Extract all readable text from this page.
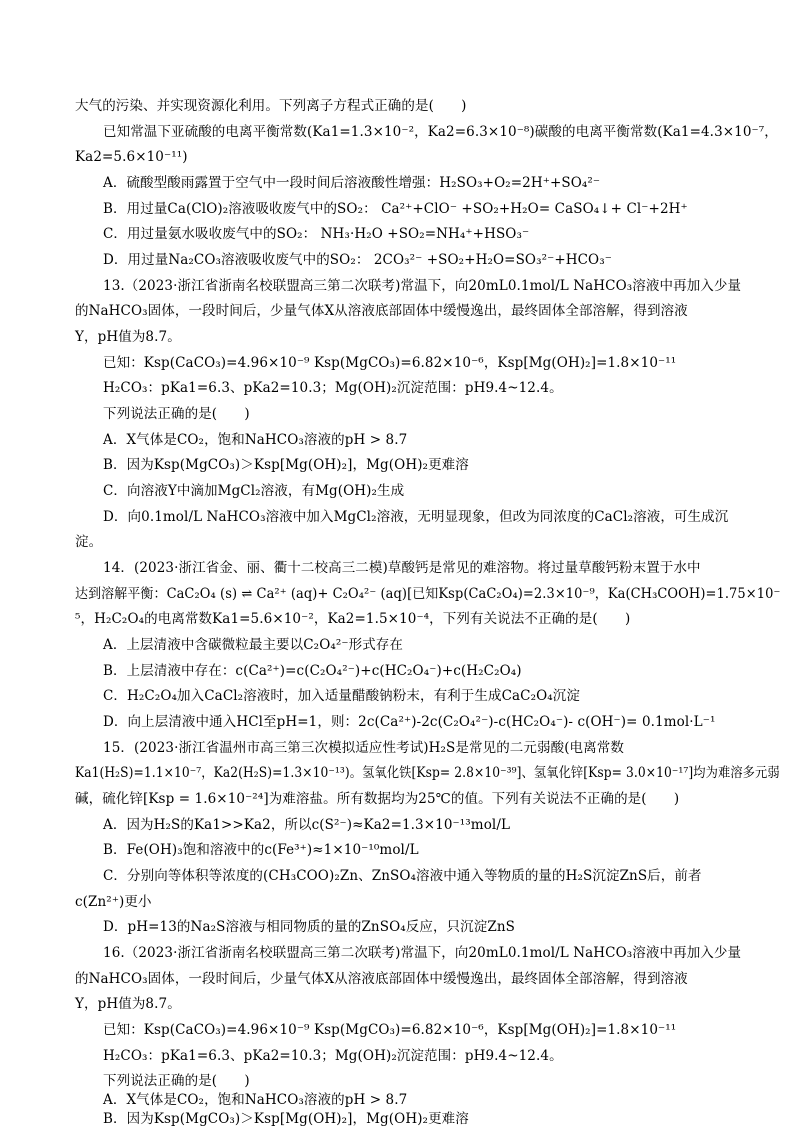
大气的污染、并实现资源化利用。下列离子方程式正确的是(　　)
已知常温下亚硫酸的电离平衡常数(Ka1=1.3×10⁻²，Ka2=6.3×10⁻⁸)碳酸的电离平衡常数(Ka1=4.3×10⁻⁷，
Ka2=5.6×10⁻¹¹)
A．硫酸型酸雨露置于空气中一段时间后溶液酸性增强：H₂SO₃+O₂=2H⁺+SO₄²⁻
B．用过量Ca(ClO)₂溶液吸收废气中的SO₂： Ca²⁺+ClO⁻ +SO₂+H₂O= CaSO₄↓+ Cl⁻+2H⁺
C．用过量氨水吸收废气中的SO₂： NH₃·H₂O +SO₂=NH₄⁺+HSO₃⁻
D．用过量Na₂CO₃溶液吸收废气中的SO₂： 2CO₃²⁻ +SO₂+H₂O=SO₃²⁻+HCO₃⁻
13.（2023·浙江省浙南名校联盟高三第二次联考)常温下，向20mL0.1mol/L NaHCO₃溶液中再加入少量
的NaHCO₃固体，一段时间后，少量气体X从溶液底部固体中缓慢逸出，最终固体全部溶解，得到溶液
Y，pH值为8.7。
已知：Ksp(CaCO₃)=4.96×10⁻⁹ Ksp(MgCO₃)=6.82×10⁻⁶，Ksp[Mg(OH)₂]=1.8×10⁻¹¹
H₂CO₃：pKa1=6.3、pKa2=10.3；Mg(OH)₂沉淀范围：pH9.4~12.4。
下列说法正确的是(　　)
A．X气体是CO₂，饱和NaHCO₃溶液的pH > 8.7
B．因为Ksp(MgCO₃)＞Ksp[Mg(OH)₂]，Mg(OH)₂更难溶
C．向溶液Y中滴加MgCl₂溶液，有Mg(OH)₂生成
D．向0.1mol/L NaHCO₃溶液中加入MgCl₂溶液，无明显现象，但改为同浓度的CaCl₂溶液，可生成沉
淀。
14．(2023·浙江省金、丽、衢十二校高三二模)草酸钙是常见的难溶物。将过量草酸钙粉末置于水中
达到溶解平衡：CaC₂O₄ (s) ⇌ Ca²⁺ (aq)+ C₂O₄²⁻ (aq)[已知Ksp(CaC₂O₄)=2.3×10⁻⁹，Ka(CH₃COOH)=1.75×10⁻
⁵，H₂C₂O₄的电离常数Ka1=5.6×10⁻²，Ka2=1.5×10⁻⁴，下列有关说法不正确的是(　　)
A．上层清液中含碳微粒最主要以C₂O₄²⁻形式存在
B．上层清液中存在：c(Ca²⁺)=c(C₂O₄²⁻)+c(HC₂O₄⁻)+c(H₂C₂O₄)
C．H₂C₂O₄加入CaCl₂溶液时，加入适量醋酸钠粉末，有利于生成CaC₂O₄沉淀
D．向上层清液中通入HCl至pH=1，则：2c(Ca²⁺)-2c(C₂O₄²⁻)-c(HC₂O₄⁻)- c(OH⁻)= 0.1mol·L⁻¹
15．(2023·浙江省温州市高三第三次模拟适应性考试)H₂S是常见的二元弱酸(电离常数
Ka1(H₂S)=1.1×10⁻⁷，Ka2(H₂S)=1.3×10⁻¹³)。氢氧化铁[Ksp= 2.8×10⁻³⁹]、氢氧化锌[Ksp= 3.0×10⁻¹⁷]均为难溶多元弱
碱，硫化锌[Ksp = 1.6×10⁻²⁴]为难溶盐。所有数据均为25℃的值。下列有关说法不正确的是(　　)
A．因为H₂S的Ka1>>Ka2，所以c(S²⁻)≈Ka2=1.3×10⁻¹³mol/L
B．Fe(OH)₃饱和溶液中的c(Fe³⁺)≈1×10⁻¹⁰mol/L
C．分别向等体积等浓度的(CH₃COO)₂Zn、ZnSO₄溶液中通入等物质的量的H₂S沉淀ZnS后，前者
c(Zn²⁺)更小
D．pH=13的Na₂S溶液与相同物质的量的ZnSO₄反应，只沉淀ZnS
16.（2023·浙江省浙南名校联盟高三第二次联考)常温下，向20mL0.1mol/L NaHCO₃溶液中再加入少量
的NaHCO₃固体，一段时间后，少量气体X从溶液底部固体中缓慢逸出，最终固体全部溶解，得到溶液
Y，pH值为8.7。
已知：Ksp(CaCO₃)=4.96×10⁻⁹ Ksp(MgCO₃)=6.82×10⁻⁶，Ksp[Mg(OH)₂]=1.8×10⁻¹¹
H₂CO₃：pKa1=6.3、pKa2=10.3；Mg(OH)₂沉淀范围：pH9.4~12.4。
下列说法正确的是(　　)
A．X气体是CO₂，饱和NaHCO₃溶液的pH > 8.7
B．因为Ksp(MgCO₃)＞Ksp[Mg(OH)₂]，Mg(OH)₂更难溶
